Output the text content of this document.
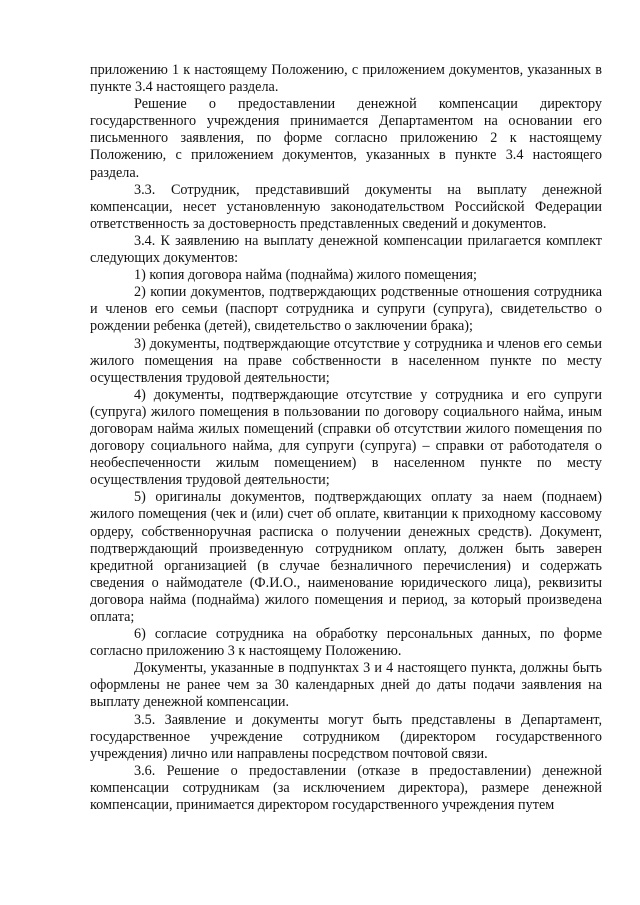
приложению 1 к настоящему Положению, с приложением документов, указанных в пункте 3.4 настоящего раздела.

Решение о предоставлении денежной компенсации директору государственного учреждения принимается Департаментом на основании его письменного заявления, по форме согласно приложению 2 к настоящему Положению, с приложением документов, указанных в пункте 3.4 настоящего раздела.

3.3. Сотрудник, представивший документы на выплату денежной компенсации, несет установленную законодательством Российской Федерации ответственность за достоверность представленных сведений и документов.

3.4. К заявлению на выплату денежной компенсации прилагается комплект следующих документов:

1) копия договора найма (поднайма) жилого помещения;

2) копии документов, подтверждающих родственные отношения сотрудника и членов его семьи (паспорт сотрудника и супруги (супруга), свидетельство о рождении ребенка (детей), свидетельство о заключении брака);

3) документы, подтверждающие отсутствие у сотрудника и членов его семьи жилого помещения на праве собственности в населенном пункте по месту осуществления трудовой деятельности;

4) документы, подтверждающие отсутствие у сотрудника и его супруги (супруга) жилого помещения в пользовании по договору социального найма, иным договорам найма жилых помещений (справки об отсутствии жилого помещения по договору социального найма, для супруги (супруга) – справки от работодателя о необеспеченности жилым помещением) в населенном пункте по месту осуществления трудовой деятельности;

5) оригиналы документов, подтверждающих оплату за наем (поднаем) жилого помещения (чек и (или) счет об оплате, квитанции к приходному кассовому ордеру, собственноручная расписка о получении денежных средств). Документ, подтверждающий произведенную сотрудником оплату, должен быть заверен кредитной организацией (в случае безналичного перечисления) и содержать сведения о наймодателе (Ф.И.О., наименование юридического лица), реквизиты договора найма (поднайма) жилого помещения и период, за который произведена оплата;

6) согласие сотрудника на обработку персональных данных, по форме согласно приложению 3 к настоящему Положению.

Документы, указанные в подпунктах 3 и 4 настоящего пункта, должны быть оформлены не ранее чем за 30 календарных дней до даты подачи заявления на выплату денежной компенсации.

3.5. Заявление и документы могут быть представлены в Департамент, государственное учреждение сотрудником (директором государственного учреждения) лично или направлены посредством почтовой связи.

3.6. Решение о предоставлении (отказе в предоставлении) денежной компенсации сотрудникам (за исключением директора), размере денежной компенсации, принимается директором государственного учреждения путем
